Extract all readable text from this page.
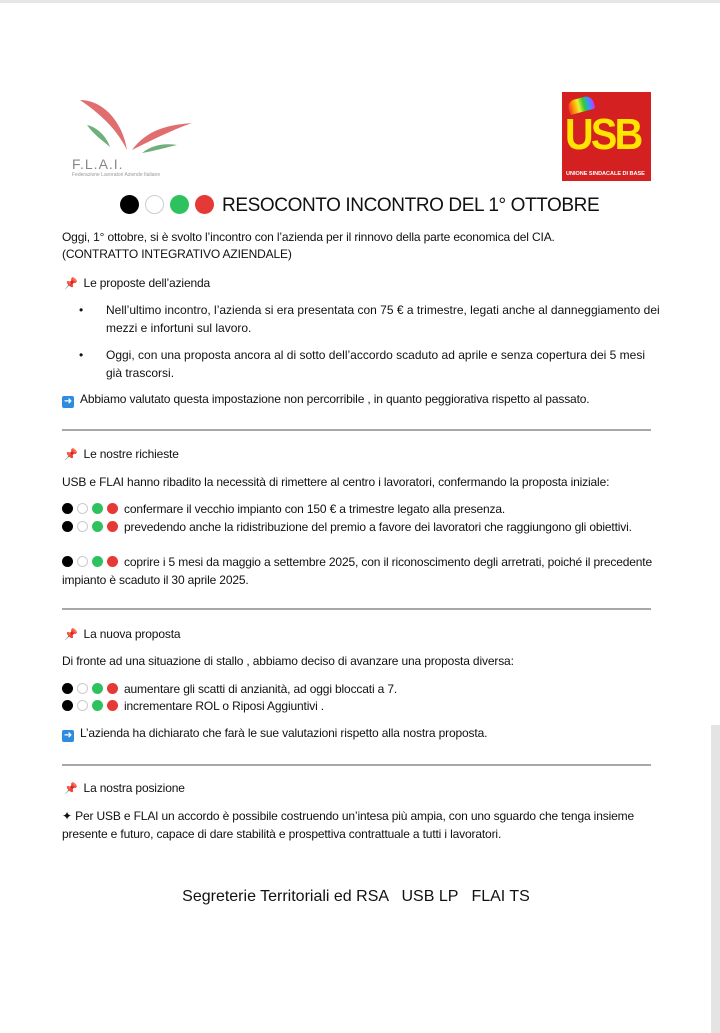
F.L.A.I.
Federazione Lavoratori Aziende Italiane
USB
UNIONE SINDACALE DI BASE
RESOCONTO INCONTRO DEL 1° OTTOBRE
Oggi, 1° ottobre, si è svolto l’incontro con l’azienda per il rinnovo della parte economica del CIA.
(CONTRATTO INTEGRATIVO AZIENDALE)
📌 Le proposte dell’azienda
• Nell’ultimo incontro, l’azienda si era presentata con 75 € a trimestre, legati anche al danneggiamento dei mezzi e infortuni sul lavoro.
• Oggi, con una proposta ancora al di sotto dell’accordo scaduto ad aprile e senza copertura dei 5 mesi già trascorsi.
➜ Abbiamo valutato questa impostazione non percorribile , in quanto peggiorativa rispetto al passato.
📌 Le nostre richieste
USB e FLAI hanno ribadito la necessità di rimettere al centro i lavoratori, confermando la proposta iniziale:
confermare il vecchio impianto con 150 € a trimestre legato alla presenza.
prevedendo anche la ridistribuzione del premio a favore dei lavoratori che raggiungono gli obiettivi.
coprire i 5 mesi da maggio a settembre 2025, con il riconoscimento degli arretrati, poiché il precedente impianto è scaduto il 30 aprile 2025.
📌 La nuova proposta
Di fronte ad una situazione di stallo , abbiamo deciso di avanzare una proposta diversa:
aumentare gli scatti di anzianità, ad oggi bloccati a 7.
incrementare ROL o Riposi Aggiuntivi .
➜ L’azienda ha dichiarato che farà le sue valutazioni rispetto alla nostra proposta.
📌 La nostra posizione
✦ Per USB e FLAI un accordo è possibile costruendo un’intesa più ampia, con uno sguardo che tenga insieme presente e futuro, capace di dare stabilità e prospettiva contrattuale a tutti i lavoratori.
Segreterie Territoriali ed RSA   USB LP   FLAI TS
